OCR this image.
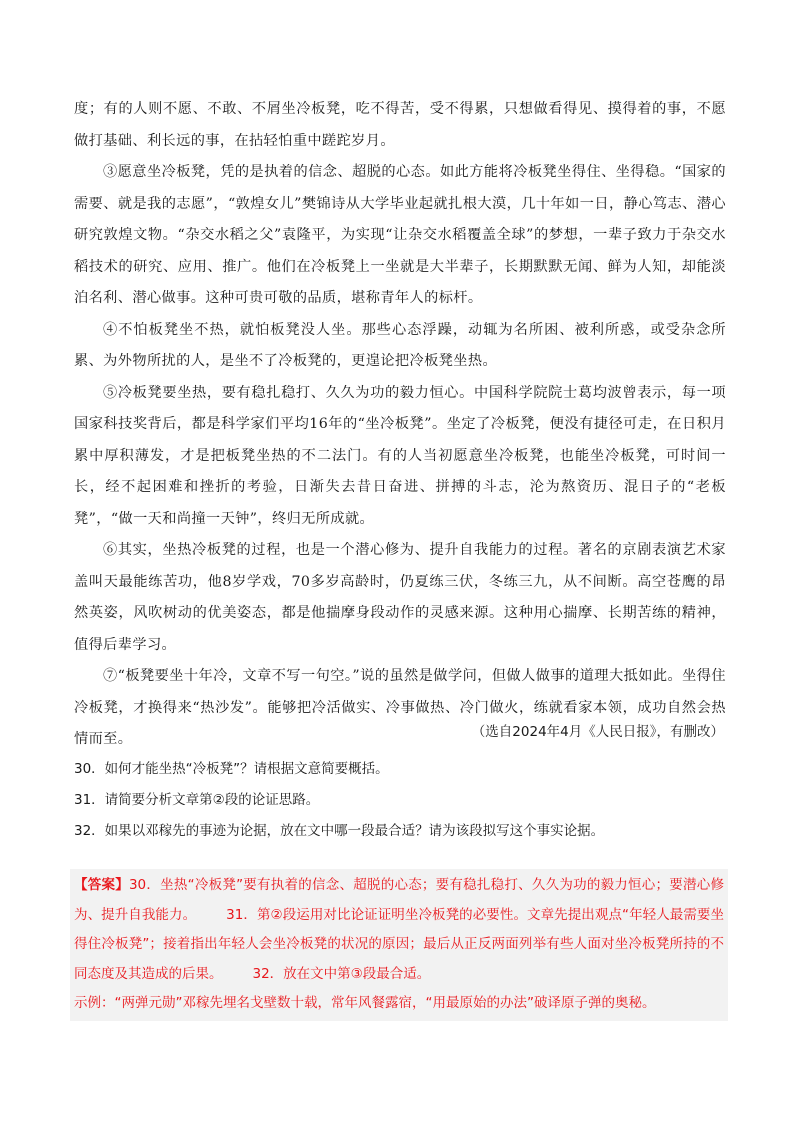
度；有的人则不愿、不敢、不屑坐冷板凳，吃不得苦，受不得累，只想做看得见、摸得着的事，不愿做打基础、利长远的事，在拈轻怕重中蹉跎岁月。

③愿意坐冷板凳，凭的是执着的信念、超脱的心态。如此方能将冷板凳坐得住、坐得稳。“国家的需要、就是我的志愿”，“敦煌女儿”樊锦诗从大学毕业起就扎根大漠，几十年如一日，静心笃志、潜心研究敦煌文物。“杂交水稻之父”袁隆平，为实现“让杂交水稻覆盖全球”的梦想，一辈子致力于杂交水稻技术的研究、应用、推广。他们在冷板凳上一坐就是大半辈子，长期默默无闻、鲜为人知，却能淡泊名利、潜心做事。这种可贵可敬的品质，堪称青年人的标杆。

④不怕板凳坐不热，就怕板凳没人坐。那些心态浮躁，动辄为名所困、被利所惑，或受杂念所累、为外物所扰的人，是坐不了冷板凳的，更遑论把冷板凳坐热。

⑤冷板凳要坐热，要有稳扎稳打、久久为功的毅力恒心。中国科学院院士葛均波曾表示，每一项国家科技奖背后，都是科学家们平均16年的“坐冷板凳”。坐定了冷板凳，便没有捷径可走，在日积月累中厚积薄发，才是把板凳坐热的不二法门。有的人当初愿意坐冷板凳，也能坐冷板凳，可时间一长，经不起困难和挫折的考验，日渐失去昔日奋进、拼搏的斗志，沦为熬资历、混日子的“老板凳”，“做一天和尚撞一天钟”，终归无所成就。

⑥其实，坐热冷板凳的过程，也是一个潜心修为、提升自我能力的过程。著名的京剧表演艺术家盖叫天最能练苦功，他8岁学戏，70多岁高龄时，仍夏练三伏，冬练三九，从不间断。高空苍鹰的昂然英姿，风吹树动的优美姿态，都是他揣摩身段动作的灵感来源。这种用心揣摩、长期苦练的精神，值得后辈学习。

⑦“板凳要坐十年冷，文章不写一句空。”说的虽然是做学问，但做人做事的道理大抵如此。坐得住冷板凳，才换得来“热沙发”。能够把冷活做实、冷事做热、冷门做火，练就看家本领，成功自然会热情而至。	（选自2024年4月《人民日报》，有删改）
30．如何才能坐热“冷板凳”？请根据文意简要概括。
31．请简要分析文章第②段的论证思路。
32．如果以邓稼先的事迹为论据，放在文中哪一段最合适？请为该段拟写这个事实论据。
【答案】30．坐热“冷板凳”要有执着的信念、超脱的心态；要有稳扎稳打、久久为功的毅力恒心；要潜心修为、提升自我能力。 31．第②段运用对比论证证明坐冷板凳的必要性。文章先提出观点“年轻人最需要坐得住冷板凳”；接着指出年轻人会坐冷板凳的状况的原因；最后从正反两面列举有些人面对坐冷板凳所持的不同态度及其造成的后果。 32．放在文中第③段最合适。
示例：“两弹元勋”邓稼先埋名戈壁数十载，常年风餐露宿，“用最原始的办法”破译原子弹的奥秘。
